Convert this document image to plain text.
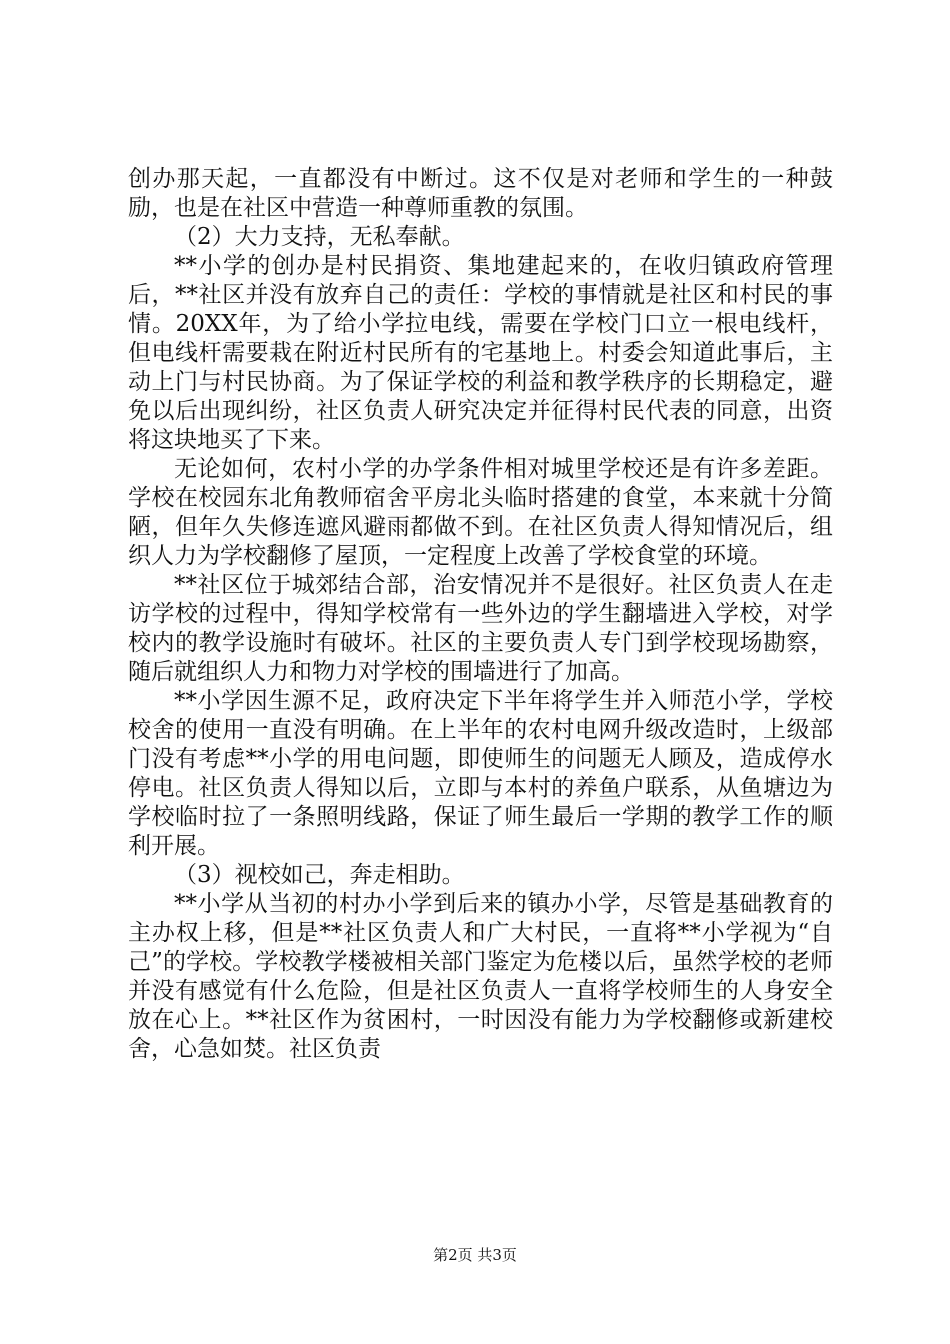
创办那天起，一直都没有中断过。这不仅是对老师和学生的一种鼓励，也是在社区中营造一种尊师重教的氛围。

（2）大力支持，无私奉献。

**小学的创办是村民捐资、集地建起来的，在收归镇政府管理后，**社区并没有放弃自己的责任：学校的事情就是社区和村民的事情。20XX年，为了给小学拉电线，需要在学校门口立一根电线杆，但电线杆需要栽在附近村民所有的宅基地上。村委会知道此事后，主动上门与村民协商。为了保证学校的利益和教学秩序的长期稳定，避免以后出现纠纷，社区负责人研究决定并征得村民代表的同意，出资将这块地买了下来。

无论如何，农村小学的办学条件相对城里学校还是有许多差距。学校在校园东北角教师宿舍平房北头临时搭建的食堂，本来就十分简陋，但年久失修连遮风避雨都做不到。在社区负责人得知情况后，组织人力为学校翻修了屋顶，一定程度上改善了学校食堂的环境。

**社区位于城郊结合部，治安情况并不是很好。社区负责人在走访学校的过程中，得知学校常有一些外边的学生翻墙进入学校，对学校内的教学设施时有破坏。社区的主要负责人专门到学校现场勘察，随后就组织人力和物力对学校的围墙进行了加高。

**小学因生源不足，政府决定下半年将学生并入师范小学，学校校舍的使用一直没有明确。在上半年的农村电网升级改造时，上级部门没有考虑**小学的用电问题，即使师生的问题无人顾及，造成停水停电。社区负责人得知以后，立即与本村的养鱼户联系，从鱼塘边为学校临时拉了一条照明线路，保证了师生最后一学期的教学工作的顺利开展。

（3）视校如己，奔走相助。

**小学从当初的村办小学到后来的镇办小学，尽管是基础教育的主办权上移，但是**社区负责人和广大村民，一直将**小学视为“自己”的学校。学校教学楼被相关部门鉴定为危楼以后，虽然学校的老师并没有感觉有什么危险，但是社区负责人一直将学校师生的人身安全放在心上。**社区作为贫困村，一时因没有能力为学校翻修或新建校舍，心急如焚。社区负责

第2页 共3页
